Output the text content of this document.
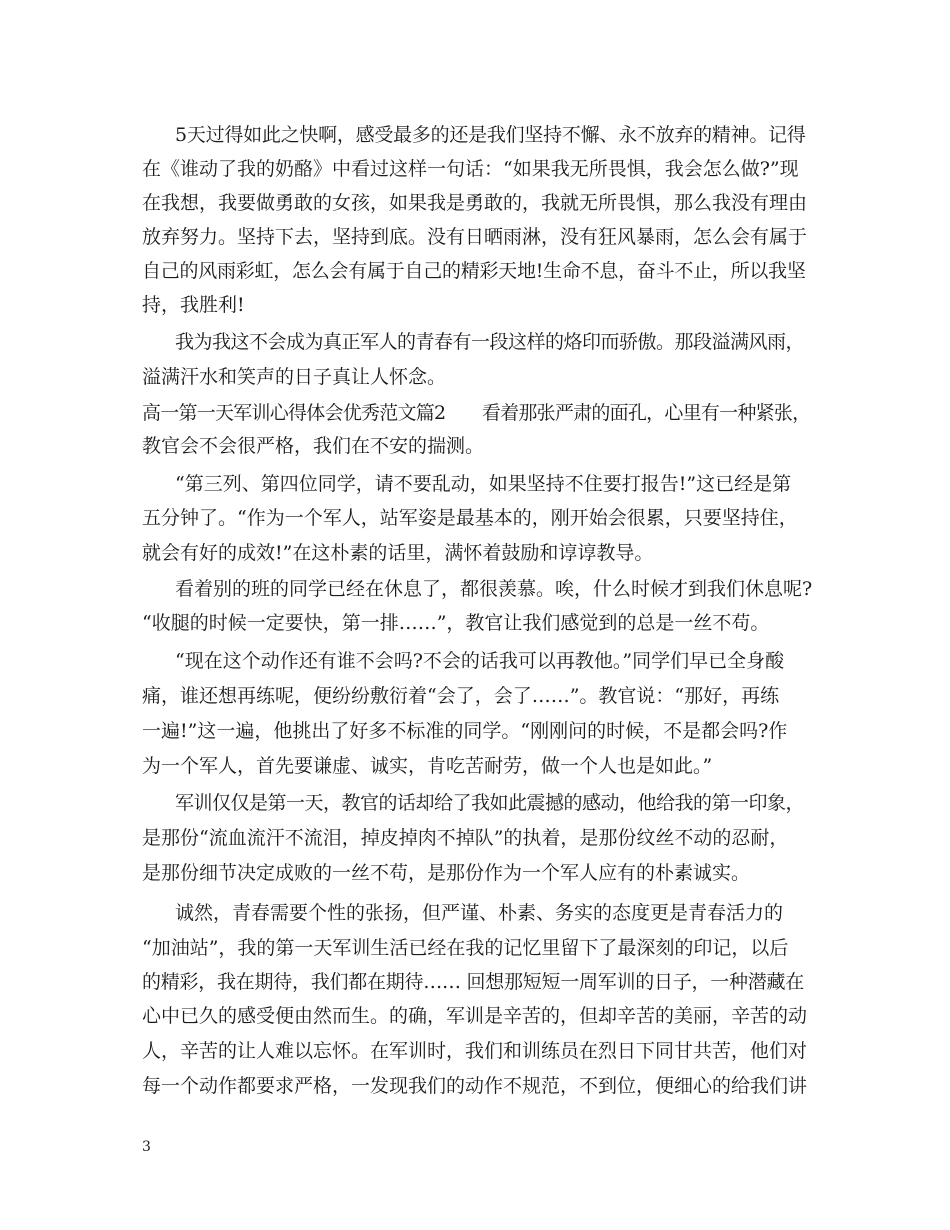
5天过得如此之快啊，感受最多的还是我们坚持不懈、永不放弃的精神。记得
在《谁动了我的奶酪》中看过这样一句话：“如果我无所畏惧，我会怎么做?”现
在我想，我要做勇敢的女孩，如果我是勇敢的，我就无所畏惧，那么我没有理由
放弃努力。坚持下去，坚持到底。没有日晒雨淋，没有狂风暴雨，怎么会有属于
自己的风雨彩虹，怎么会有属于自己的精彩天地!生命不息，奋斗不止，所以我坚
持，我胜利!
我为我这不会成为真正军人的青春有一段这样的烙印而骄傲。那段溢满风雨，
溢满汗水和笑声的日子真让人怀念。
高一第一天军训心得体会优秀范文篇2　　看着那张严肃的面孔，心里有一种紧张，
教官会不会很严格，我们在不安的揣测。
“第三列、第四位同学，请不要乱动，如果坚持不住要打报告!”这已经是第
五分钟了。“作为一个军人，站军姿是最基本的，刚开始会很累，只要坚持住，
就会有好的成效!”在这朴素的话里，满怀着鼓励和谆谆教导。
看着别的班的同学已经在休息了，都很羡慕。唉，什么时候才到我们休息呢?
“收腿的时候一定要快，第一排……”，教官让我们感觉到的总是一丝不苟。
“现在这个动作还有谁不会吗?不会的话我可以再教他。”同学们早已全身酸
痛，谁还想再练呢，便纷纷敷衍着“会了，会了……”。教官说：“那好，再练
一遍!”这一遍，他挑出了好多不标准的同学。“刚刚问的时候，不是都会吗?作
为一个军人，首先要谦虚、诚实，肯吃苦耐劳，做一个人也是如此。”
军训仅仅是第一天，教官的话却给了我如此震撼的感动，他给我的第一印象，
是那份“流血流汗不流泪，掉皮掉肉不掉队”的执着，是那份纹丝不动的忍耐，
是那份细节决定成败的一丝不苟，是那份作为一个军人应有的朴素诚实。
诚然，青春需要个性的张扬，但严谨、朴素、务实的态度更是青春活力的
“加油站”，我的第一天军训生活已经在我的记忆里留下了最深刻的印记，以后
的精彩，我在期待，我们都在期待…… 回想那短短一周军训的日子，一种潜藏在
心中已久的感受便由然而生。的确，军训是辛苦的，但却辛苦的美丽，辛苦的动
人，辛苦的让人难以忘怀。在军训时，我们和训练员在烈日下同甘共苦，他们对
每一个动作都要求严格，一发现我们的动作不规范，不到位，便细心的给我们讲
3
